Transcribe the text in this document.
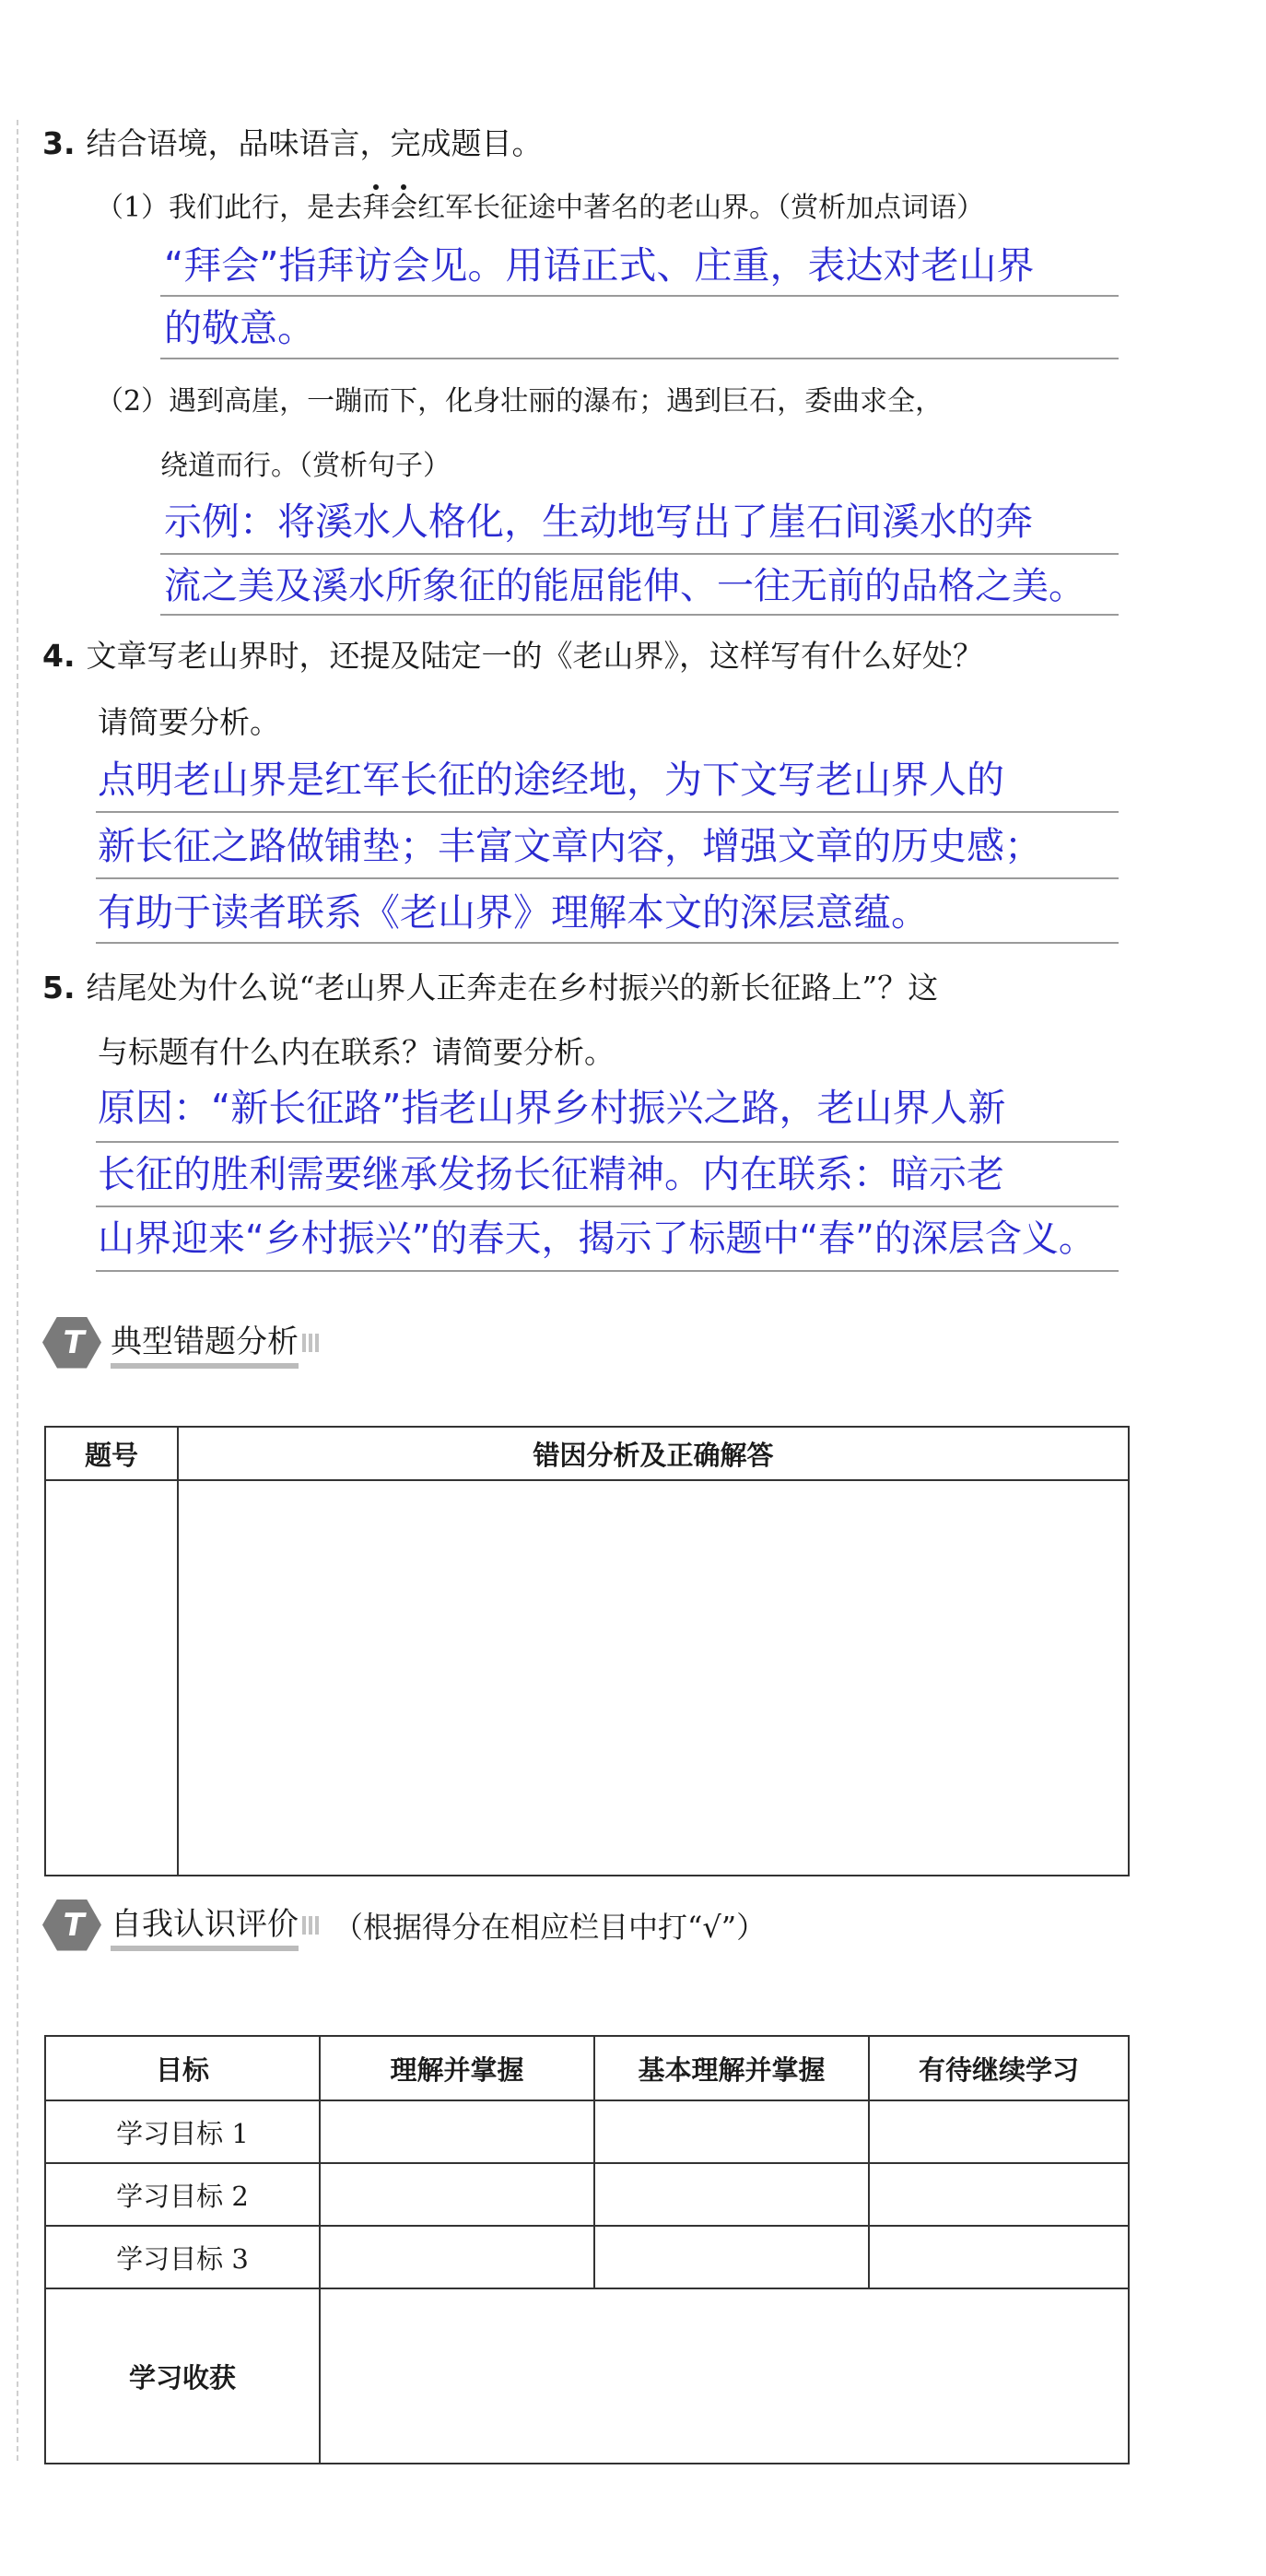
3. 结合语境，品味语言，完成题目。
（1）我们此行，是去拜会红军长征途中著名的老山界。（赏析加点词语）
“拜会”指拜访会见。用语正式、庄重，表达对老山界
的敬意。
（2）遇到高崖，一蹦而下，化身壮丽的瀑布；遇到巨石，委曲求全，
绕道而行。（赏析句子）
示例：将溪水人格化，生动地写出了崖石间溪水的奔
流之美及溪水所象征的能屈能伸、一往无前的品格之美。
4. 文章写老山界时，还提及陆定一的《老山界》，这样写有什么好处？
请简要分析。
点明老山界是红军长征的途经地，为下文写老山界人的
新长征之路做铺垫；丰富文章内容，增强文章的历史感；
有助于读者联系《老山界》理解本文的深层意蕴。
5. 结尾处为什么说“老山界人正奔走在乡村振兴的新长征路上”？这
与标题有什么内在联系？请简要分析。
原因：“新长征路”指老山界乡村振兴之路，老山界人新
长征的胜利需要继承发扬长征精神。内在联系：暗示老
山界迎来“乡村振兴”的春天，揭示了标题中“春”的深层含义。
T 典型错题分析
题号	错因分析及正确解答

T 自我认识评价 （根据得分在相应栏目中打“√”）
目标	理解并掌握	基本理解并掌握	有待继续学习
学习目标 1			
学习目标 2			
学习目标 3			
学习收获			
